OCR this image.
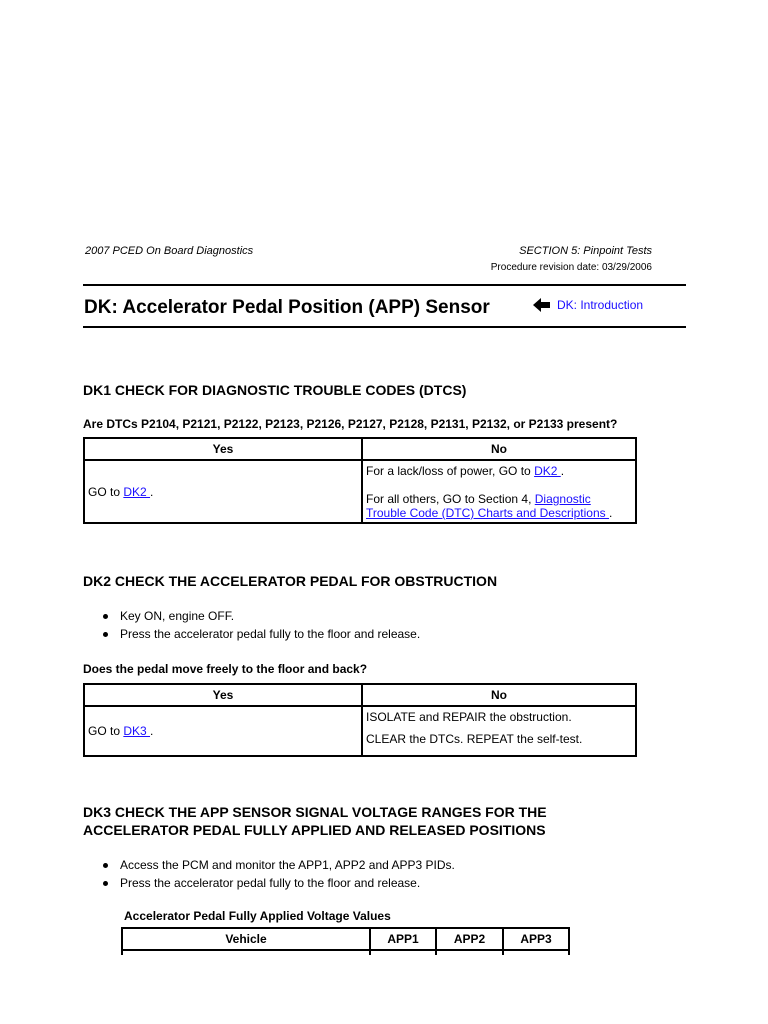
2007 PCED On Board Diagnostics	SECTION 5: Pinpoint Tests
Procedure revision date: 03/29/2006
DK: Accelerator Pedal Position (APP) Sensor	DK: Introduction
DK1 CHECK FOR DIAGNOSTIC TROUBLE CODES (DTCS)
Are DTCs P2104, P2121, P2122, P2123, P2126, P2127, P2128, P2131, P2132, or P2133 present?
Yes	No
GO to DK2 .	For a lack/loss of power, GO to DK2 .
For all others, GO to Section 4, Diagnostic Trouble Code (DTC) Charts and Descriptions .
DK2 CHECK THE ACCELERATOR PEDAL FOR OBSTRUCTION
Key ON, engine OFF.
Press the accelerator pedal fully to the floor and release.
Does the pedal move freely to the floor and back?
Yes	No
GO to DK3 .	ISOLATE and REPAIR the obstruction.
CLEAR the DTCs. REPEAT the self-test.
DK3 CHECK THE APP SENSOR SIGNAL VOLTAGE RANGES FOR THE
ACCELERATOR PEDAL FULLY APPLIED AND RELEASED POSITIONS
Access the PCM and monitor the APP1, APP2 and APP3 PIDs.
Press the accelerator pedal fully to the floor and release.
Accelerator Pedal Fully Applied Voltage Values
Vehicle	APP1	APP2	APP3
